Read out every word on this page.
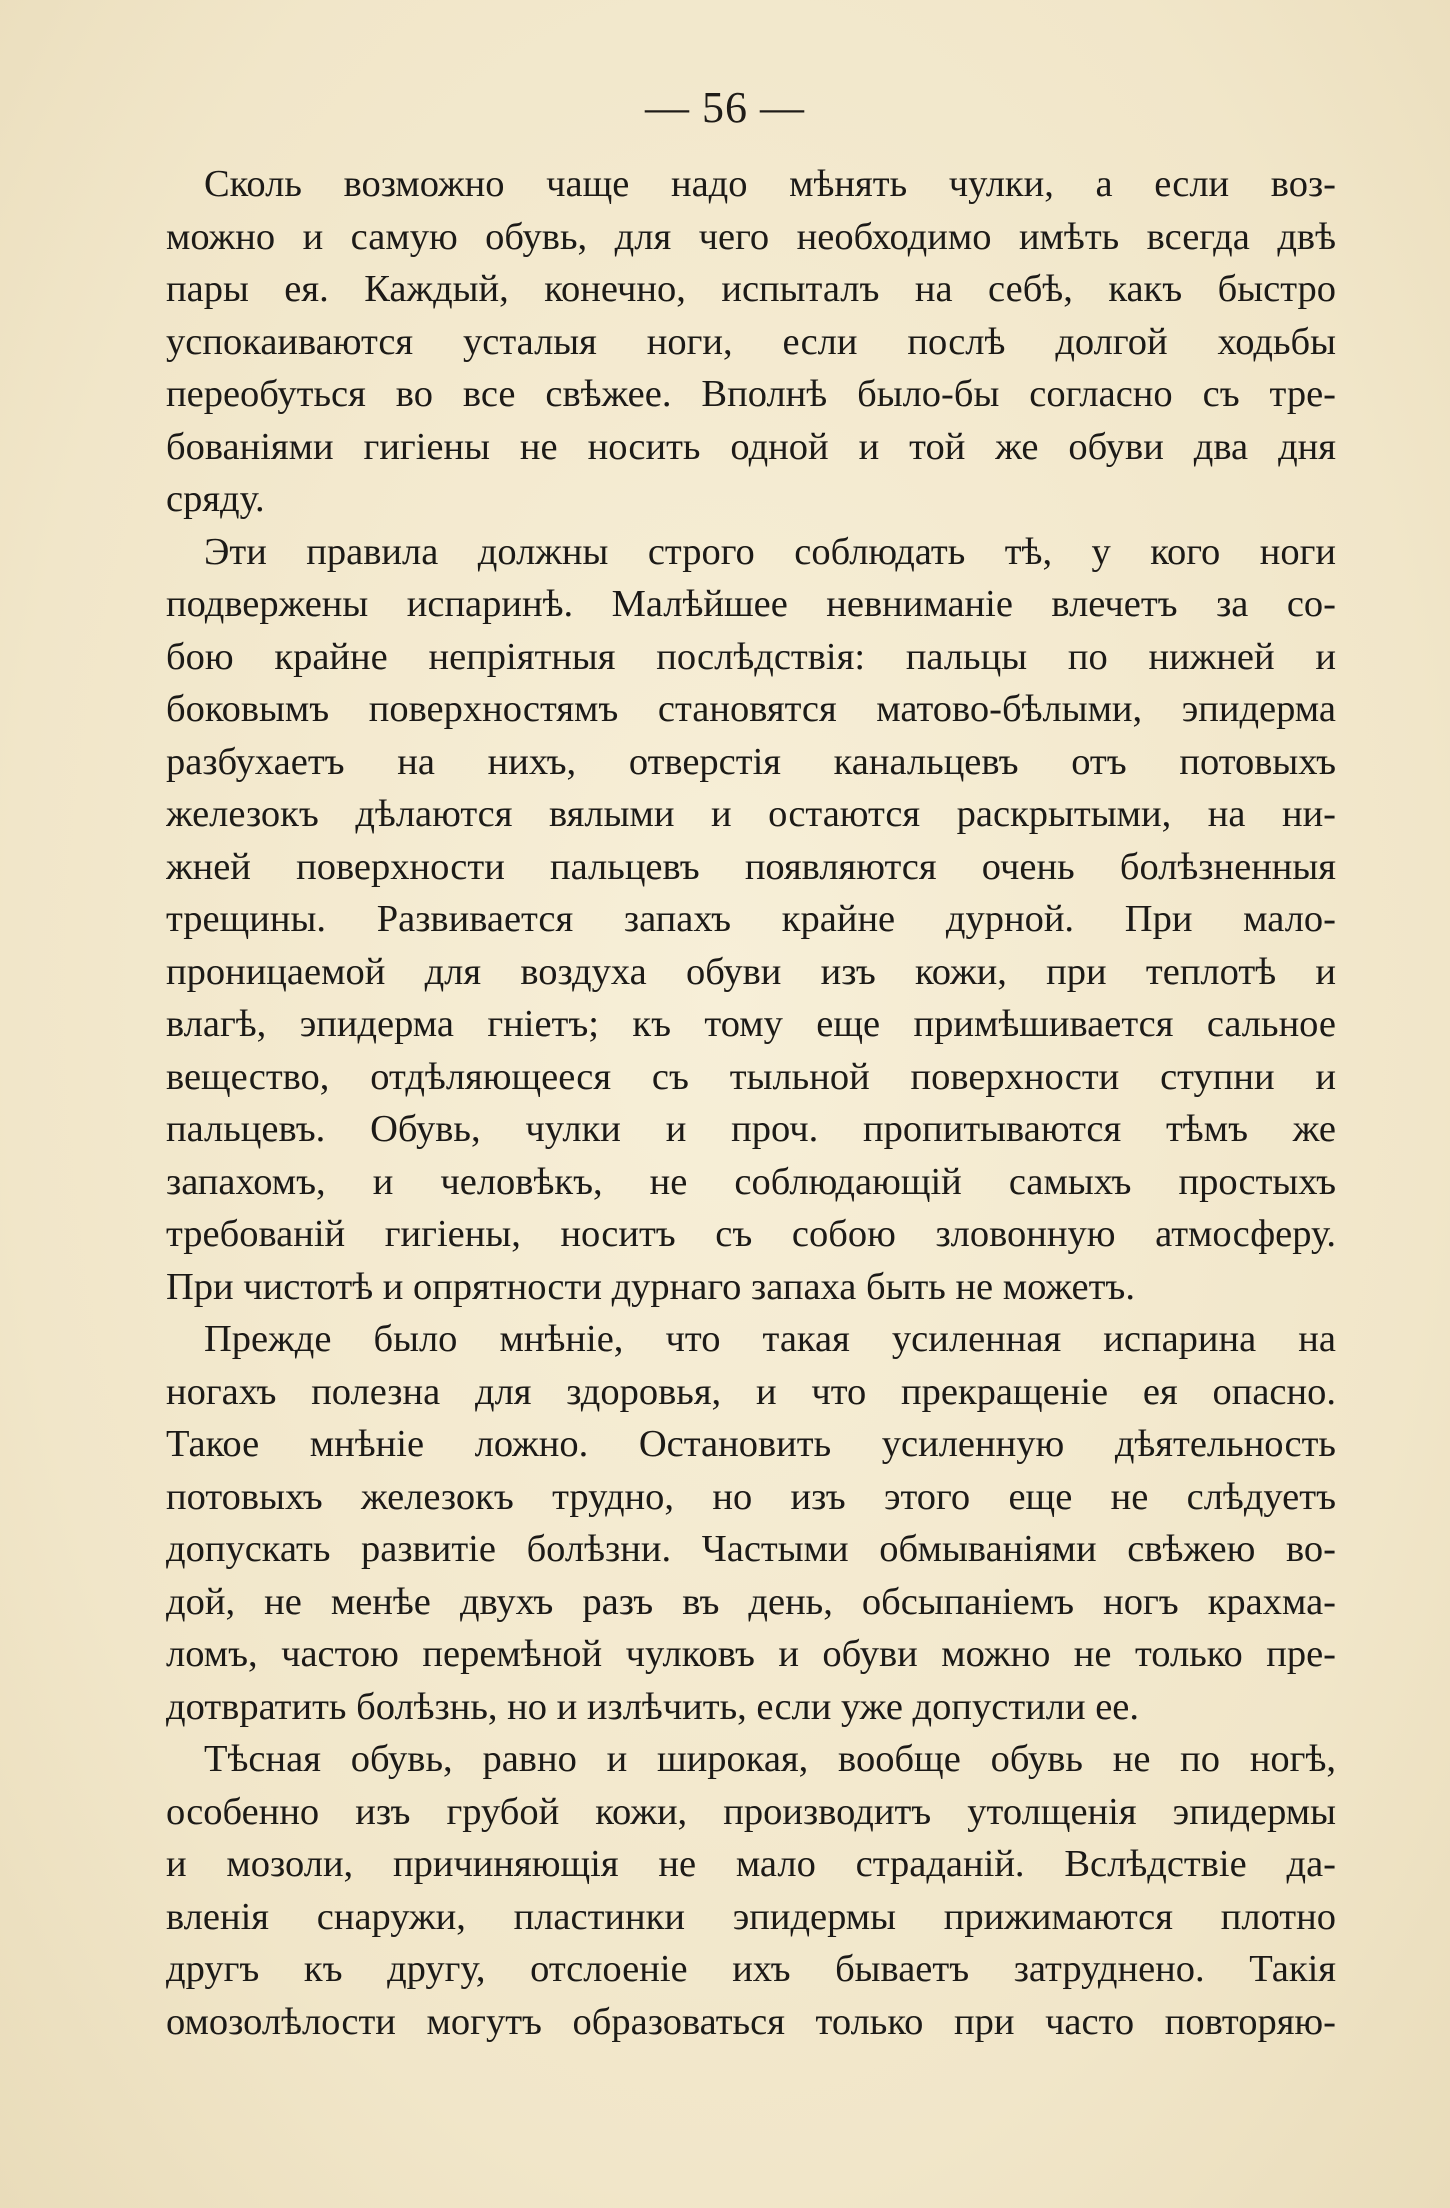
— 56 —
Сколь возможно чаще надо мѣнять чулки, а если воз-
можно и самую обувь, для чего необходимо имѣть всегда двѣ
пары ея. Каждый, конечно, испыталъ на себѣ, какъ быстро
успокаиваются усталыя ноги, если послѣ долгой ходьбы
переобуться во все свѣжее. Вполнѣ было-бы согласно съ тре-
бованіями гигіены не носить одной и той же обуви два дня
сряду.
Эти правила должны строго соблюдать тѣ, у кого ноги
подвержены испаринѣ. Малѣйшее невниманіе влечетъ за со-
бою крайне непріятныя послѣдствія: пальцы по нижней и
боковымъ поверхностямъ становятся матово-бѣлыми, эпидерма
разбухаетъ на нихъ, отверстія канальцевъ отъ потовыхъ
железокъ дѣлаются вялыми и остаются раскрытыми, на ни-
жней поверхности пальцевъ появляются очень болѣзненныя
трещины. Развивается запахъ крайне дурной. При мало-
проницаемой для воздуха обуви изъ кожи, при теплотѣ и
влагѣ, эпидерма гніетъ; къ тому еще примѣшивается сальное
вещество, отдѣляющееся съ тыльной поверхности ступни и
пальцевъ. Обувь, чулки и проч. пропитываются тѣмъ же
запахомъ, и человѣкъ, не соблюдающій самыхъ простыхъ
требованій гигіены, носитъ съ собою зловонную атмосферу.
При чистотѣ и опрятности дурнаго запаха быть не можетъ.
Прежде было мнѣніе, что такая усиленная испарина на
ногахъ полезна для здоровья, и что прекращеніе ея опасно.
Такое мнѣніе ложно. Остановить усиленную дѣятельность
потовыхъ железокъ трудно, но изъ этого еще не слѣдуетъ
допускать развитіе болѣзни. Частыми обмываніями свѣжею во-
дой, не менѣе двухъ разъ въ день, обсыпаніемъ ногъ крахма-
ломъ, частою перемѣной чулковъ и обуви можно не только пре-
дотвратить болѣзнь, но и излѣчить, если уже допустили ее.
Тѣсная обувь, равно и широкая, вообще обувь не по ногѣ,
особенно изъ грубой кожи, производитъ утолщенія эпидермы
и мозоли, причиняющія не мало страданій. Вслѣдствіе да-
вленія снаружи, пластинки эпидермы прижимаются плотно
другъ къ другу, отслоеніе ихъ бываетъ затруднено. Такія
омозолѣлости могутъ образоваться только при часто повторяю-
